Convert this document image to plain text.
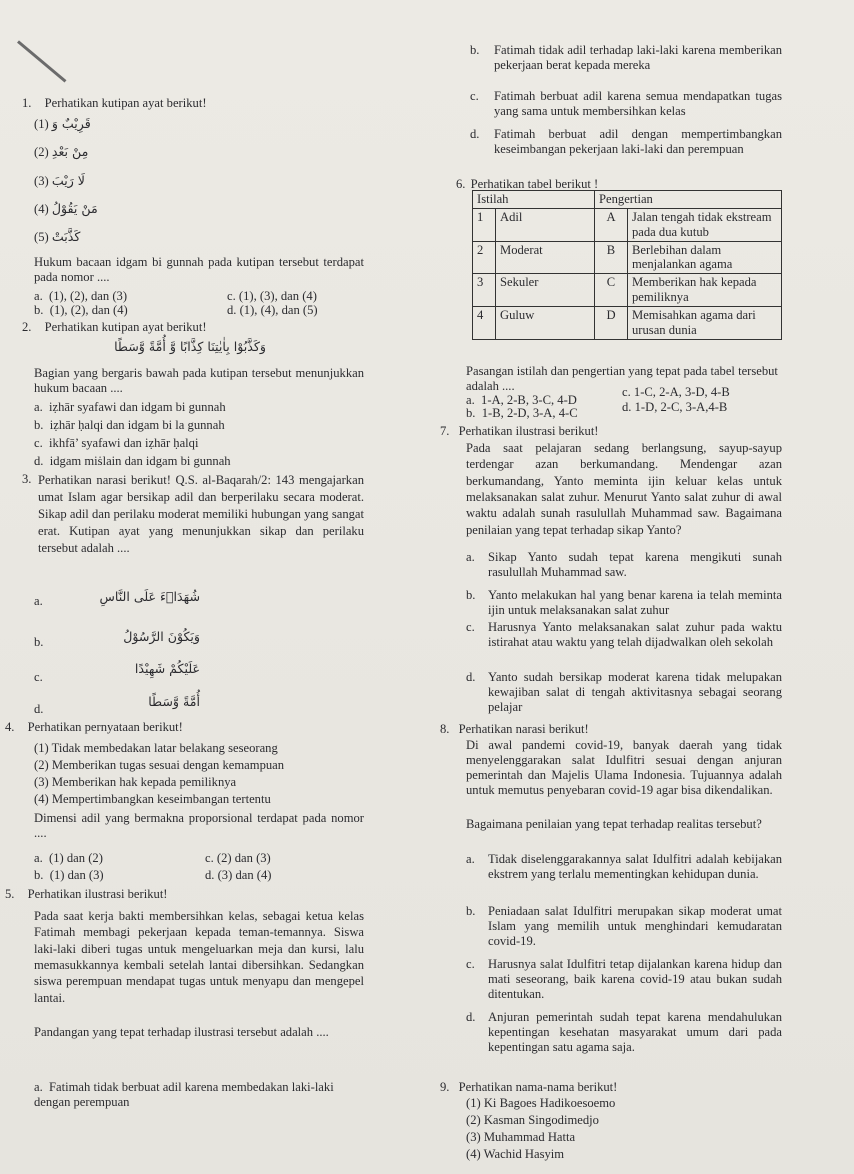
1. Perhatikan kutipan ayat berikut!
(1) قَرِيْبٌ وَ
(2) مِنْ بَعْدِ
(3) لَا رَيْبَ
(4) مَنْ يَقُوْلُ
(5) كَذَّبَتْ
Hukum bacaan idgam bi gunnah pada kutipan tersebut terdapat pada nomor ....
a. (1), (2), dan (3)	c. (1), (3), dan (4)
b. (1), (2), dan (4)	d. (1), (4), dan (5)
2. Perhatikan kutipan ayat berikut!
وَكَذَّبُوْا بِاٰيٰتِنَا كِذَّابًا وَّ أُمَّةً وَّسَطًا
Bagian yang bergaris bawah pada kutipan tersebut menunjukkan hukum bacaan ....
a. iẓhār syafawi dan idgam bi gunnah
b. iẓhār ḥalqi dan idgam bi la gunnah
c. ikhfā’ syafawi dan iẓhār ḥalqi
d. idgam miṡlain dan idgam bi gunnah
3. Perhatikan narasi berikut! Q.S. al-Baqarah/2: 143 mengajarkan umat Islam agar bersikap adil dan berperilaku secara moderat. Sikap adil dan perilaku moderat memiliki hubungan yang sangat erat. Kutipan ayat yang menunjukkan sikap dan perilaku tersebut adalah ....
a.	شُهَدَاۤءَ عَلَى النَّاسِ
b.	وَيَكُوْنَ الرَّسُوْلُ
c.
عَلَيْكُمْ شَهِيْدًا
d.	أُمَّةً وَّسَطًا
4. Perhatikan pernyataan berikut!
(1) Tidak membedakan latar belakang seseorang
(2) Memberikan tugas sesuai dengan kemampuan
(3) Memberikan hak kepada pemiliknya
(4) Mempertimbangkan keseimbangan tertentu
Dimensi adil yang bermakna proporsional terdapat pada nomor ....
a. (1) dan (2)	c. (2) dan (3)
b. (1) dan (3)	d. (3) dan (4)
5. Perhatikan ilustrasi berikut!
Pada saat kerja bakti membersihkan kelas, sebagai ketua kelas Fatimah membagi pekerjaan kepada teman-temannya. Siswa laki-laki diberi tugas untuk mengeluarkan meja dan kursi, lalu memasukkannya kembali setelah lantai dibersihkan. Sedangkan siswa perempuan mendapat tugas untuk menyapu dan mengepel lantai.
Pandangan yang tepat terhadap ilustrasi tersebut adalah ....
a. Fatimah tidak berbuat adil karena membedakan laki-laki dengan perempuan
b. Fatimah tidak adil terhadap laki-laki karena memberikan pekerjaan berat kepada mereka
c. Fatimah berbuat adil karena semua mendapatkan tugas yang sama untuk membersihkan kelas
d. Fatimah berbuat adil dengan mempertimbangkan keseimbangan pekerjaan laki-laki dan perempuan
6. Perhatikan tabel berikut !
Istilah		Pengertian	
1	Adil	A	Jalan tengah tidak ekstream pada dua kutub
2	Moderat	B	Berlebihan dalam menjalankan agama
3	Sekuler	C	Memberikan hak kepada pemiliknya
4	Guluw	D	Memisahkan agama dari urusan dunia
Pasangan istilah dan pengertian yang tepat pada tabel tersebut adalah ....
a. 1-A, 2-B, 3-C, 4-D
c. 1-C, 2-A, 3-D, 4-B
b. 1-B, 2-D, 3-A, 4-C	d. 1-D, 2-C, 3-A,4-B
7. Perhatikan ilustrasi berikut!
Pada saat pelajaran sedang berlangsung, sayup-sayup terdengar azan berkumandang. Mendengar azan berkumandang, Yanto meminta ijin keluar kelas untuk melaksanakan salat zuhur. Menurut Yanto salat zuhur di awal waktu adalah sunah rasulullah Muhammad saw. Bagaimana penilaian yang tepat terhadap sikap Yanto?
a. Sikap Yanto sudah tepat karena mengikuti sunah rasulullah Muhammad saw.
b. Yanto melakukan hal yang benar karena ia telah meminta ijin untuk melaksanakan salat zuhur
c. Harusnya Yanto melaksanakan salat zuhur pada waktu istirahat atau waktu yang telah dijadwalkan oleh sekolah
d. Yanto sudah bersikap moderat karena tidak melupakan kewajiban salat di tengah aktivitasnya sebagai seorang pelajar
8. Perhatikan narasi berikut!
Di awal pandemi covid-19, banyak daerah yang tidak menyelenggarakan salat Idulfitri sesuai dengan anjuran pemerintah dan Majelis Ulama Indonesia. Tujuannya adalah untuk memutus penyebaran covid-19 agar bisa dikendalikan.
Bagaimana penilaian yang tepat terhadap realitas tersebut?
a. Tidak diselenggarakannya salat Idulfitri adalah kebijakan ekstrem yang terlalu mementingkan kehidupan dunia.
b. Peniadaan salat Idulfitri merupakan sikap moderat umat Islam yang memilih untuk menghindari kemudaratan covid-19.
c. Harusnya salat Idulfitri tetap dijalankan karena hidup dan mati seseorang, baik karena covid-19 atau bukan sudah ditentukan.
d. Anjuran pemerintah sudah tepat karena mendahulukan kepentingan kesehatan masyarakat umum dari pada kepentingan satu agama saja.
9. Perhatikan nama-nama berikut!
(1) Ki Bagoes Hadikoesoemo
(2) Kasman Singodimedjo
(3) Muhammad Hatta
(4) Wachid Hasyim
